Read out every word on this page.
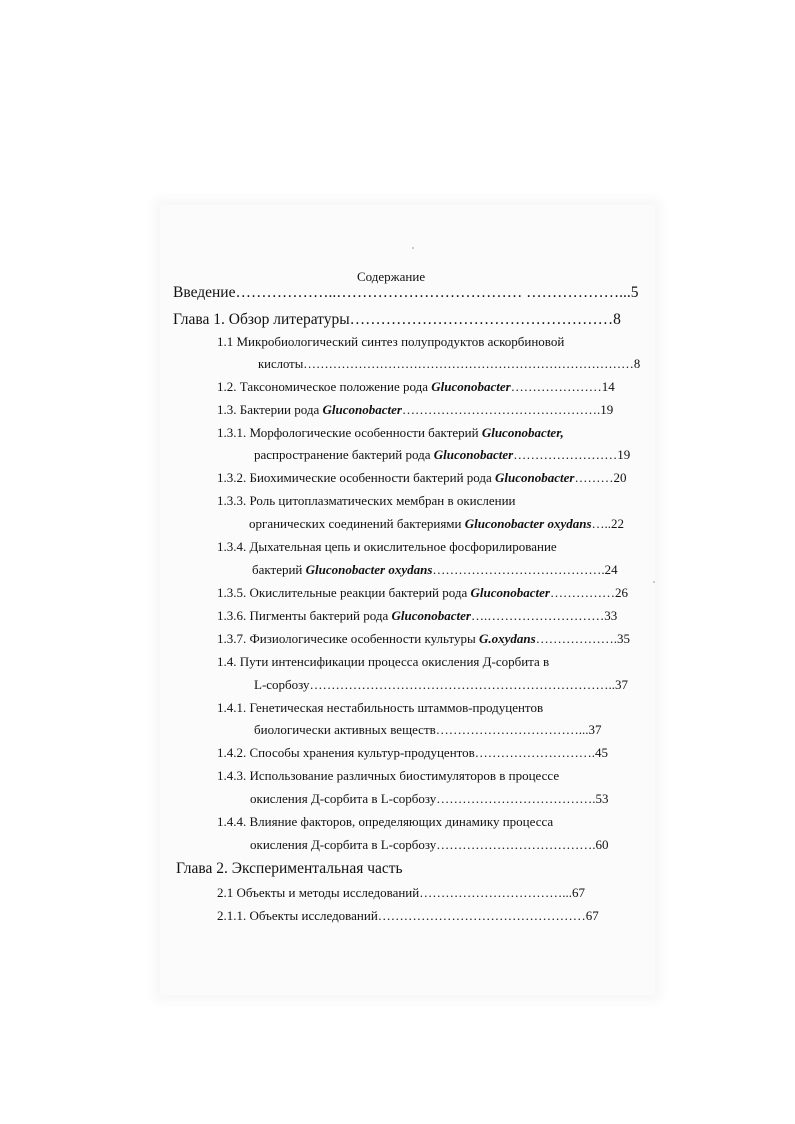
Содержание
Введение………………..……………………………… ………………...5
Глава 1. Обзор литературы……………………………………………8
1.1 Микробиологический синтез полупродуктов аскорбиновой
кислоты……………………………………………………………………8
1.2. Таксономическое положение рода Gluconobacter…………………14
1.3. Бактерии рода Gluconobacter……………………………………….19
1.3.1. Морфологические особенности бактерий Gluconobacter,
распространение бактерий рода Gluconobacter……………………19
1.3.2. Биохимические особенности бактерий рода Gluconobacter………20
1.3.3. Роль цитоплазматических мембран в окислении
органических соединений бактериями Gluconobacter oxydans…..22
1.3.4. Дыхательная цепь и окислительное фосфорилирование
бактерий Gluconobacter oxydans………………………………….24
1.3.5. Окислительные реакции бактерий рода Gluconobacter……………26
1.3.6. Пигменты бактерий рода Gluconobacter….………………………33
1.3.7. Физиологичесике особенности культуры G.oxydans……………….35
1.4. Пути интенсификации процесса окисления Д-сорбита в
L-сорбозу……………………………………………………………..37
1.4.1. Генетическая нестабильность штаммов-продуцентов
биологически активных веществ……………………………...37
1.4.2. Способы хранения культур-продуцентов……………………….45
1.4.3. Использование различных биостимуляторов в процессе
окисления Д-сорбита в L-сорбозу……………………………….53
1.4.4. Влияние факторов, определяющих динамику процесса
окисления Д-сорбита в L-сорбозу……………………………….60
Глава 2. Экспериментальная часть
2.1 Объекты и методы исследований……………………………...67
2.1.1. Объекты исследований…………………………………………67
